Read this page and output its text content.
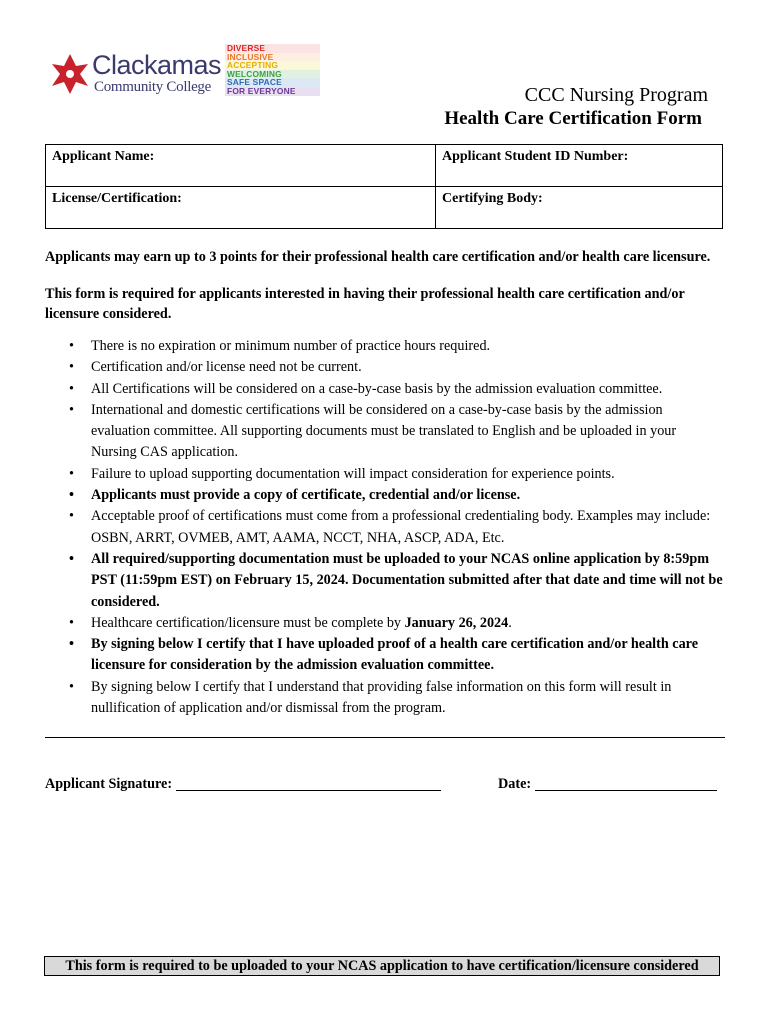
Clackamas
Community College
DIVERSE
INCLUSIVE
ACCEPTING
WELCOMING
SAFE SPACE
FOR EVERYONE	CCC Nursing Program
Health Care Certification Form
Applicant Name:	Applicant Student ID Number:
License/Certification:	Certifying Body:
Applicants may earn up to 3 points for their professional health care certification and/or health care licensure.
This form is required for applicants interested in having their professional health care certification and/or licensure considered.
• There is no expiration or minimum number of practice hours required.
• Certification and/or license need not be current.
• All Certifications will be considered on a case-by-case basis by the admission evaluation committee.
• International and domestic certifications will be considered on a case-by-case basis by the admission evaluation committee. All supporting documents must be translated to English and be uploaded in your Nursing CAS application.
• Failure to upload supporting documentation will impact consideration for experience points.
• Applicants must provide a copy of certificate, credential and/or license.
• Acceptable proof of certifications must come from a professional credentialing body. Examples may include: OSBN, ARRT, OVMEB, AMT, AAMA, NCCT, NHA, ASCP, ADA, Etc.
• All required/supporting documentation must be uploaded to your NCAS online application by 8:59pm PST (11:59pm EST) on February 15, 2024. Documentation submitted after that date and time will not be considered.
• Healthcare certification/licensure must be complete by January 26, 2024.
• By signing below I certify that I have uploaded proof of a health care certification and/or health care licensure for consideration by the admission evaluation committee.
• By signing below I certify that I understand that providing false information on this form will result in nullification of application and/or dismissal from the program.
Applicant Signature:	Date:
This form is required to be uploaded to your NCAS application to have certification/licensure considered
